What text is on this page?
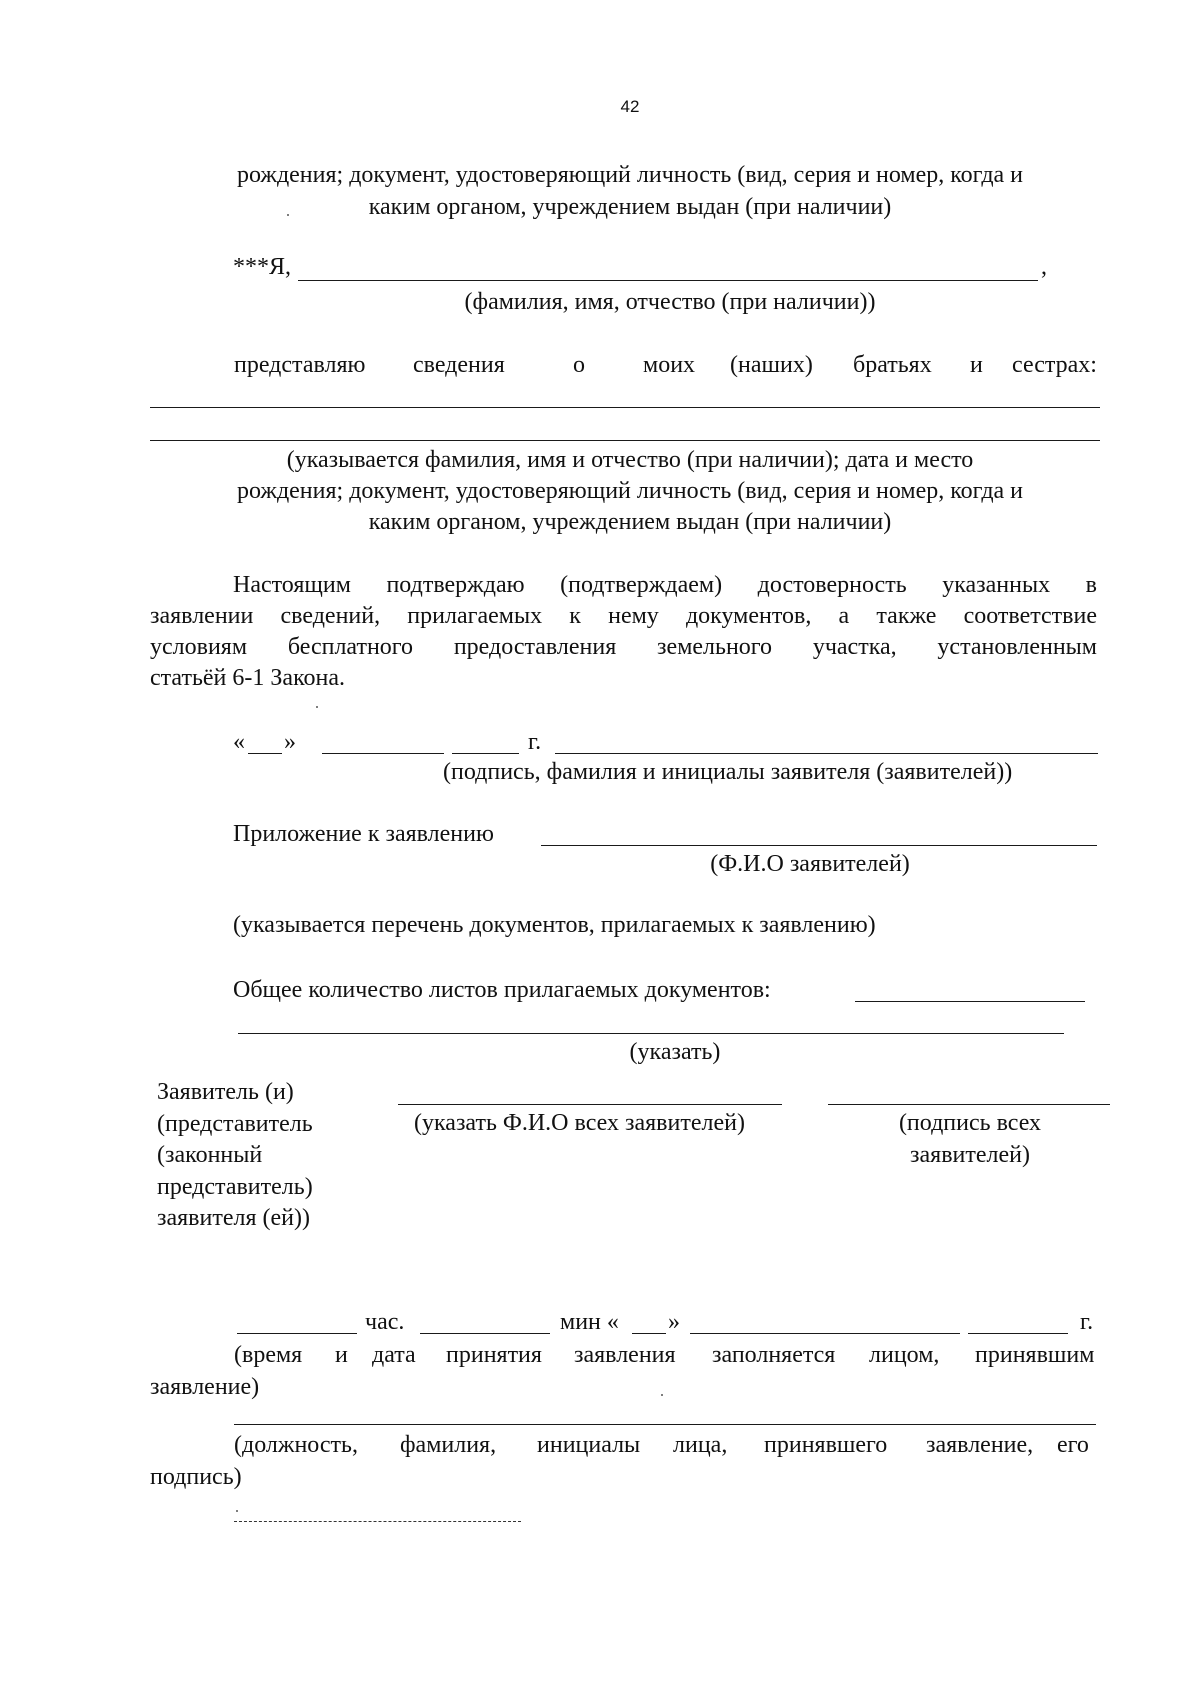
42
рождения; документ, удостоверяющий личность (вид, серия и номер, когда и
каким органом, учреждением выдан (при наличии)
***Я,	,
(фамилия, имя, отчество (при наличии))
представляю сведения	о моих (наших) братьях и сестрах:
(указывается фамилия, имя и отчество (при наличии); дата и место
рождения; документ, удостоверяющий личность (вид, серия и номер, когда и
каким органом, учреждением выдан (при наличии)
Настоящим подтверждаю (подтверждаем) достоверность указанных в
заявлении сведений, прилагаемых к нему документов, а также соответствие
условиям бесплатного предоставления земельного участка, установленным
статьёй 6-1 Закона.
« »	г.
(подпись, фамилия и инициалы заявителя (заявителей))
Приложение к заявлению
(Ф.И.О заявителей)
(указывается перечень документов, прилагаемых к заявлению)
Общее количество листов прилагаемых документов:
(указать)
Заявитель (и)
(представитель
(законный
представитель)
заявителя (ей))
(указать Ф.И.О всех заявителей)	(подпись всех
заявителей)
час.	мин « »	г.
(время и дата принятия заявления заполняется лицом, принявшим
заявление)
(должность, фамилия, инициалы лица, принявшего заявление, его
подпись)
